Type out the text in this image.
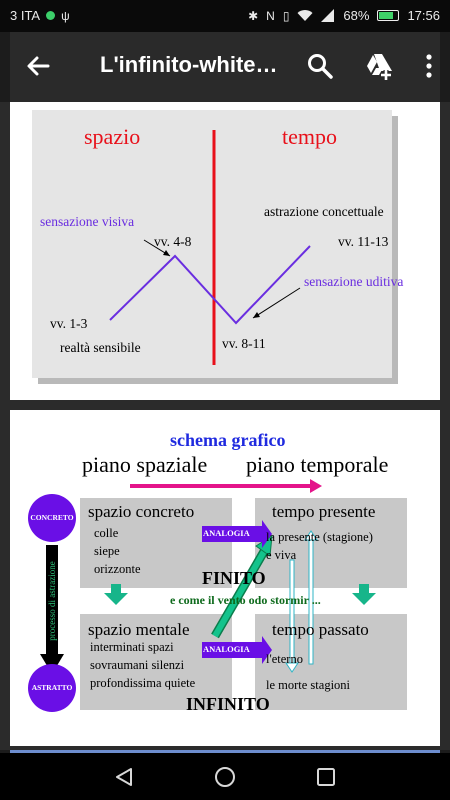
3 ITA ψ	✱ N ▯	68%	17:56
L'infinito-white…
spazio	tempo
sensazione visiva
vv. 4-8
astrazione concettuale
vv. 11-13
sensazione uditiva
vv. 1-3
realtà sensibile	vv. 8-11
schema grafico
piano spaziale piano temporale
CONCRETO
ASTRATTO
processo di astrazione
spazio concreto
colle
siepe
orizzonte
ANALOGIA
tempo presente
la presente (stagione)
e viva
FINITO
e come il vento odo stormir ...
spazio mentale
interminati spazi
sovraumani silenzi
profondissima quiete
ANALOGIA
tempo passato
l'eterno
le morte stagioni
INFINITO
